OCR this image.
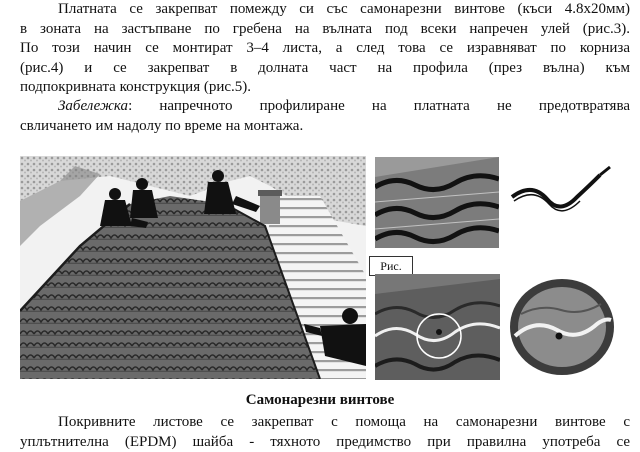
Платната се закрепват помежду си със самонарезни винтове (къси 4.8х20мм)
в зоната на застъпване по гребена на вълната под всеки напречен улей (рис.3).
По този начин се монтират 3–4 листа, а след това се изравняват по корниза
(рис.4) и се закрепват в долната част на профила (през вълна) към
подпокривната конструкция (рис.5).
Забележка: напречното профилиране на платната не предотвратява
свличането им надолу по време на монтажа.
Рис.
Самонарезни винтове
Покривните листове се закрепват с помоща на самонарезни винтове с
уплътнителна (EPDM) шайба - тяхното предимство при правилна употреба се
